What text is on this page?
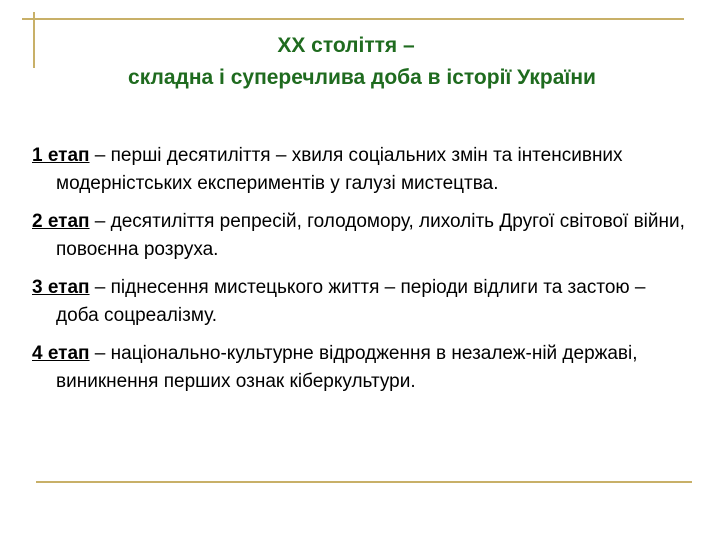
ХХ століття –
складна і суперечлива доба в історії України

1 етап – перші десятиліття – хвиля соціальних змін та інтенсивних модерністських експериментів у галузі мистецтва.

2 етап – десятиліття репресій, голодомору, лихоліть Другої світової війни, повоєнна розруха.

3 етап – піднесення мистецького життя – періоди відлиги та застою – доба соцреалізму.

4 етап – національно-культурне відродження в незалеж-ній державі, виникнення перших ознак кіберкультури.
